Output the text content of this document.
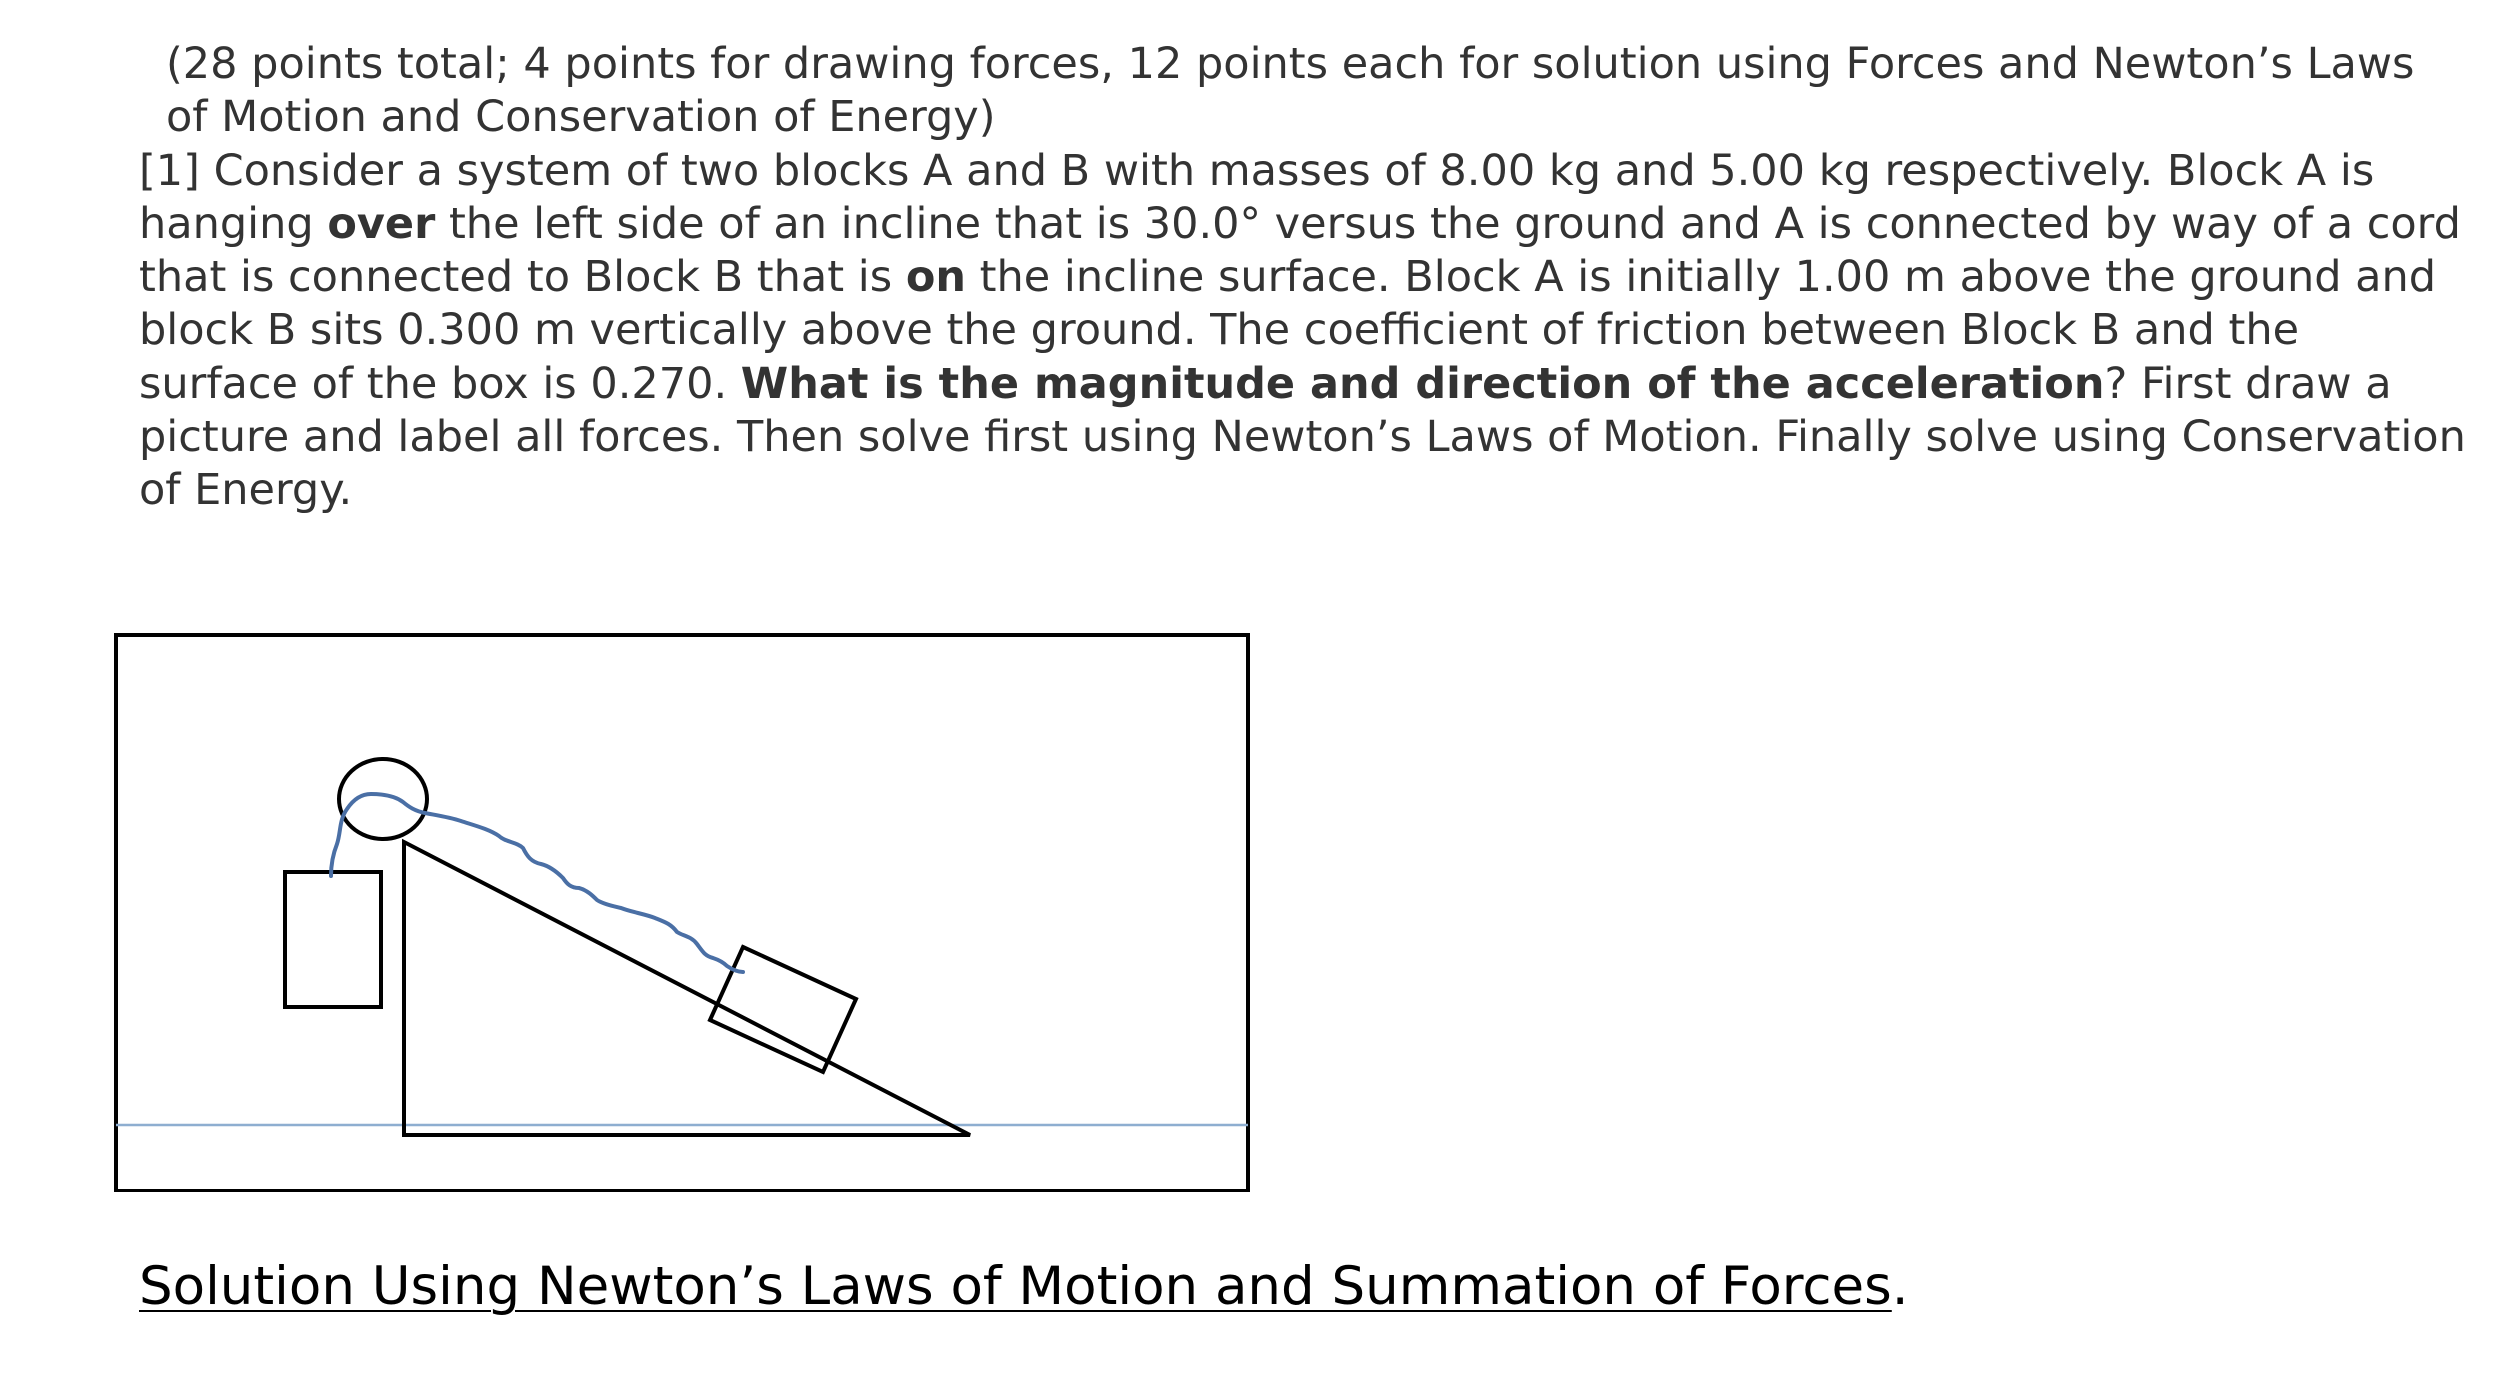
(28 points total; 4 points for drawing forces, 12 points each for solution using Forces and Newton’s Laws of Motion and Conservation of Energy)

[1] Consider a system of two blocks A and B with masses of 8.00 kg and 5.00 kg respectively. Block A is hanging over the left side of an incline that is 30.0° versus the ground and A is connected by way of a cord that is connected to Block B that is on the incline surface. Block A is initially 1.00 m above the ground and block B sits 0.300 m vertically above the ground. The coefficient of friction between Block B and the surface of the box is 0.270. What is the magnitude and direction of the acceleration? First draw a picture and label all forces. Then solve first using Newton’s Laws of Motion. Finally solve using Conservation of Energy.

Solution Using Newton’s Laws of Motion and Summation of Forces.
